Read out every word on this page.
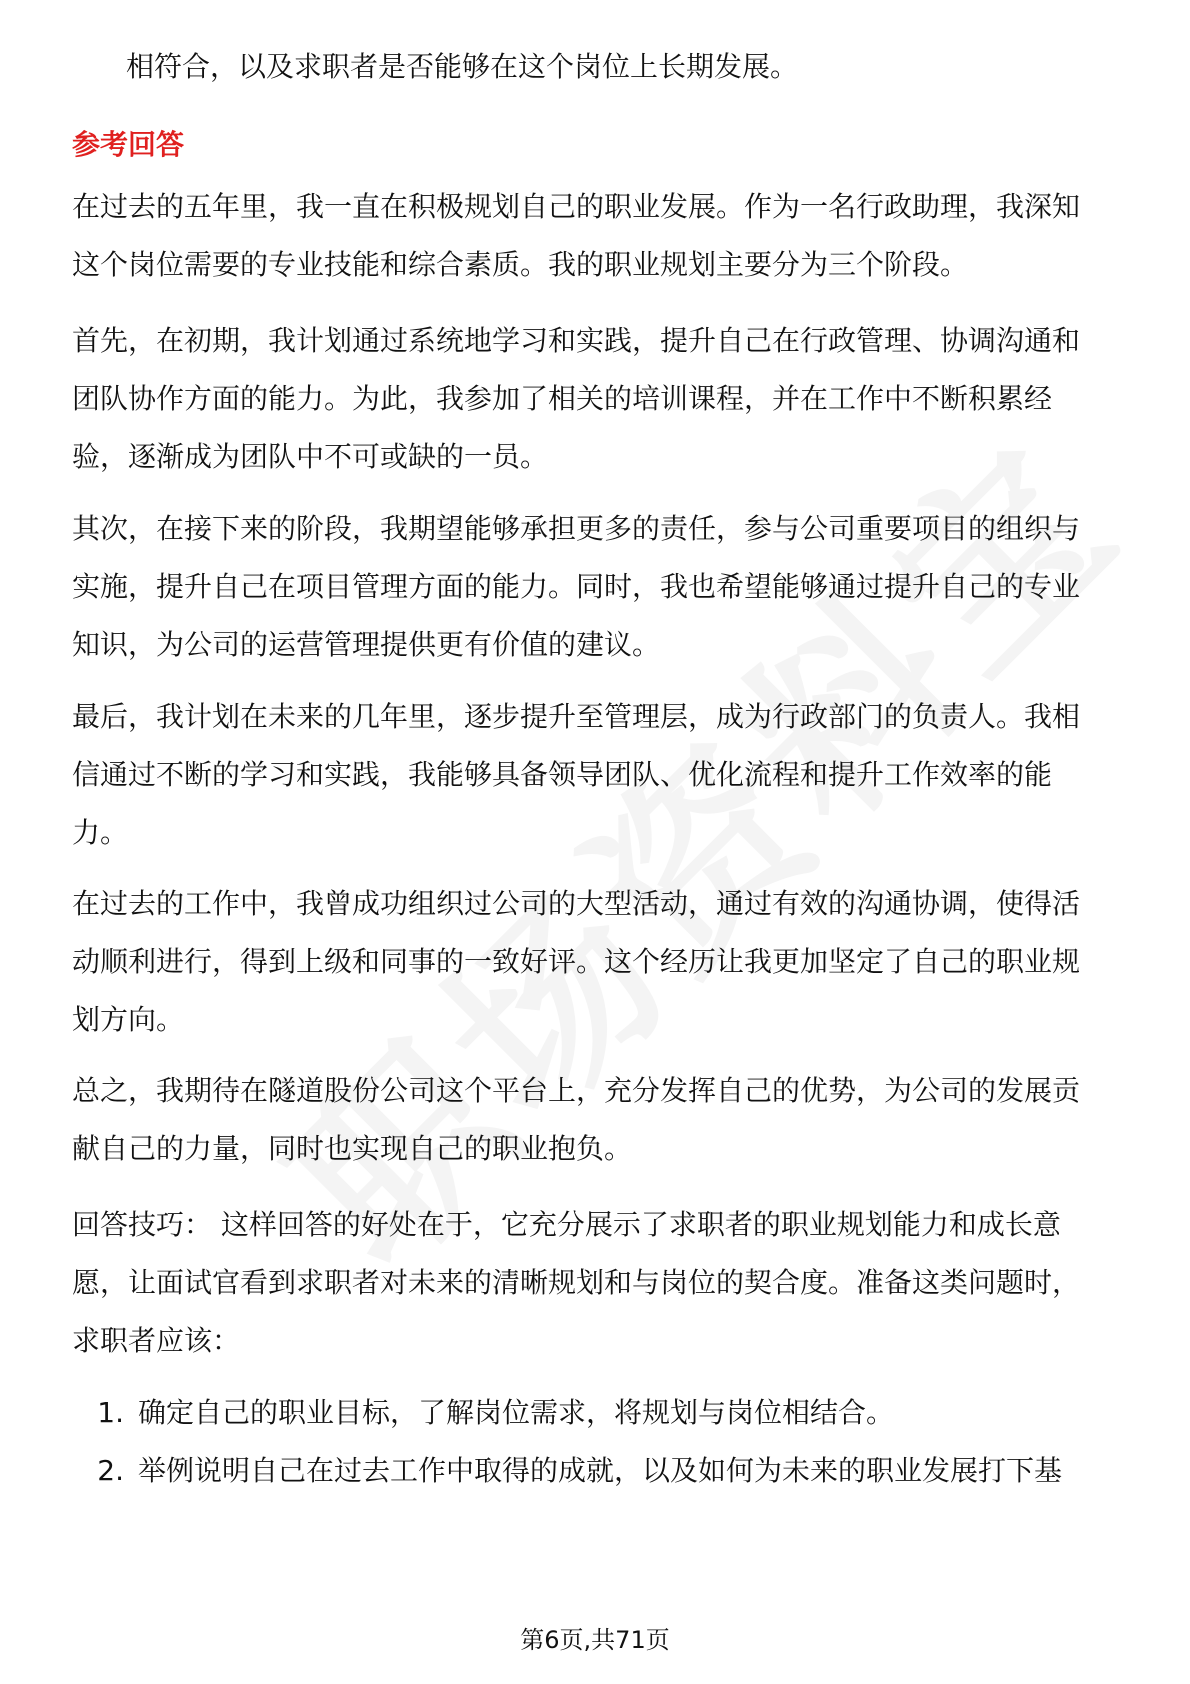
相符合，以及求职者是否能够在这个岗位上长期发展。

参考回答

在过去的五年里，我一直在积极规划自己的职业发展。作为一名行政助理，我深知

这个岗位需要的专业技能和综合素质。我的职业规划主要分为三个阶段。

首先，在初期，我计划通过系统地学习和实践，提升自己在行政管理、协调沟通和

团队协作方面的能力。为此，我参加了相关的培训课程，并在工作中不断积累经

验，逐渐成为团队中不可或缺的一员。

其次，在接下来的阶段，我期望能够承担更多的责任，参与公司重要项目的组织与

实施，提升自己在项目管理方面的能力。同时，我也希望能够通过提升自己的专业

知识，为公司的运营管理提供更有价值的建议。

最后，我计划在未来的几年里，逐步提升至管理层，成为行政部门的负责人。我相

信通过不断的学习和实践，我能够具备领导团队、优化流程和提升工作效率的能

力。

在过去的工作中，我曾成功组织过公司的大型活动，通过有效的沟通协调，使得活

动顺利进行，得到上级和同事的一致好评。这个经历让我更加坚定了自己的职业规

划方向。

总之，我期待在隧道股份公司这个平台上，充分发挥自己的优势，为公司的发展贡

献自己的力量，同时也实现自己的职业抱负。

回答技巧： 这样回答的好处在于，它充分展示了求职者的职业规划能力和成长意

愿，让面试官看到求职者对未来的清晰规划和与岗位的契合度。准备这类问题时，

求职者应该：

1. 确定自己的职业目标，了解岗位需求，将规划与岗位相结合。
2. 举例说明自己在过去工作中取得的成就，以及如何为未来的职业发展打下基
第6页,共71页
